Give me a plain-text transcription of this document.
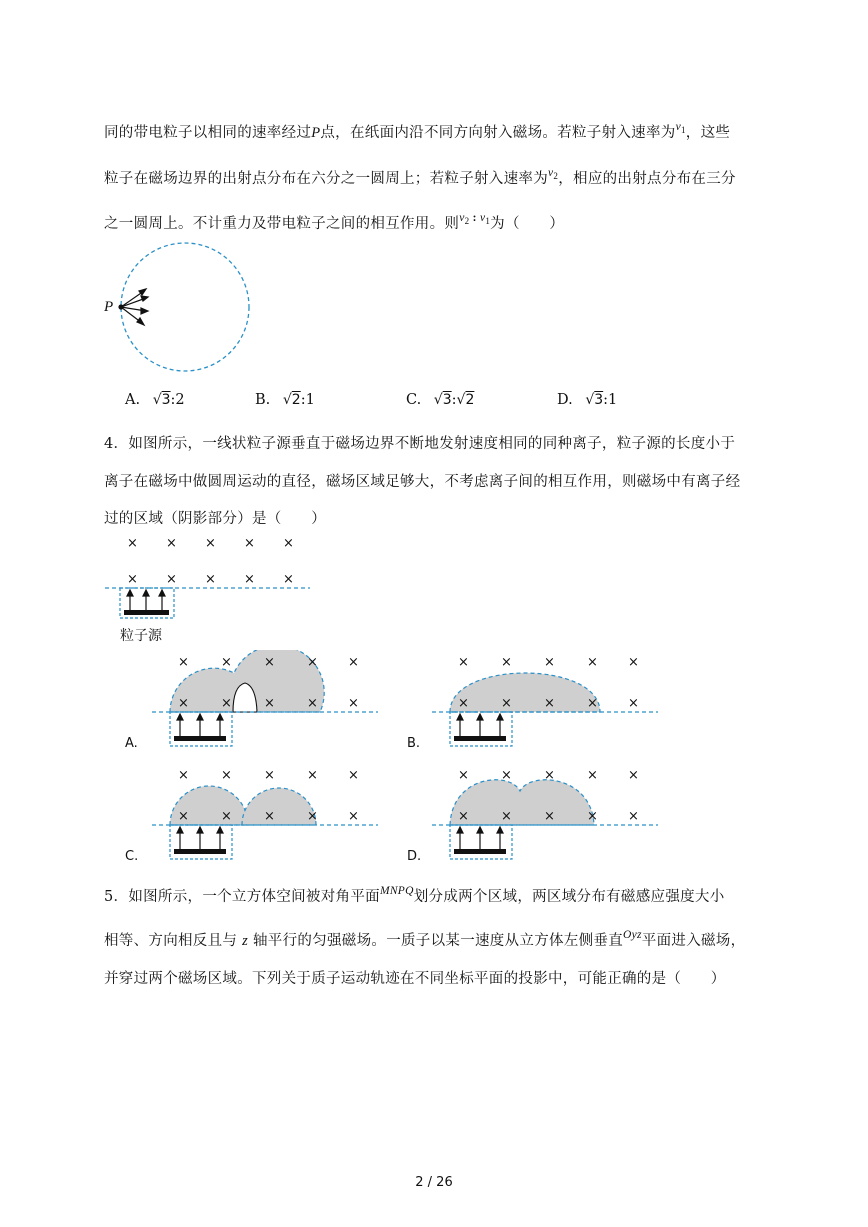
同的带电粒子以相同的速率经过P点，在纸面内沿不同方向射入磁场。若粒子射入速率为$^{v_1}$，这些
粒子在磁场边界的出射点分布在六分之一圆周上；若粒子射入速率为$^{v_2}$，相应的出射点分布在三分
之一圆周上。不计重力及带电粒子之间的相互作用。则$^{v_2 : v_1}$为（　　）
P
A. √3:2	B. √2:1	C. √3:√2	D. √3:1
4．如图所示，一线状粒子源垂直于磁场边界不断地发射速度相同的同种离子，粒子源的长度小于
离子在磁场中做圆周运动的直径，磁场区域足够大，不考虑离子间的相互作用，则磁场中有离子经
过的区域（阴影部分）是（　　）
× × × × ×
× × × × ×
粒子源
× × × × ×
× × × × ×
A.
× × × × ×
× × × × ×
B.
× × × × ×
× × × × ×
C.
× × × × ×
× × × × ×
D.
5．如图所示，一个立方体空间被对角平面$^{MNPQ}$划分成两个区域，两区域分布有磁感应强度大小
相等、方向相反且与 z 轴平行的匀强磁场。一质子以某一速度从立方体左侧垂直$^{Oyz}$平面进入磁场，
并穿过两个磁场区域。下列关于质子运动轨迹在不同坐标平面的投影中，可能正确的是（　　）
2 / 26
